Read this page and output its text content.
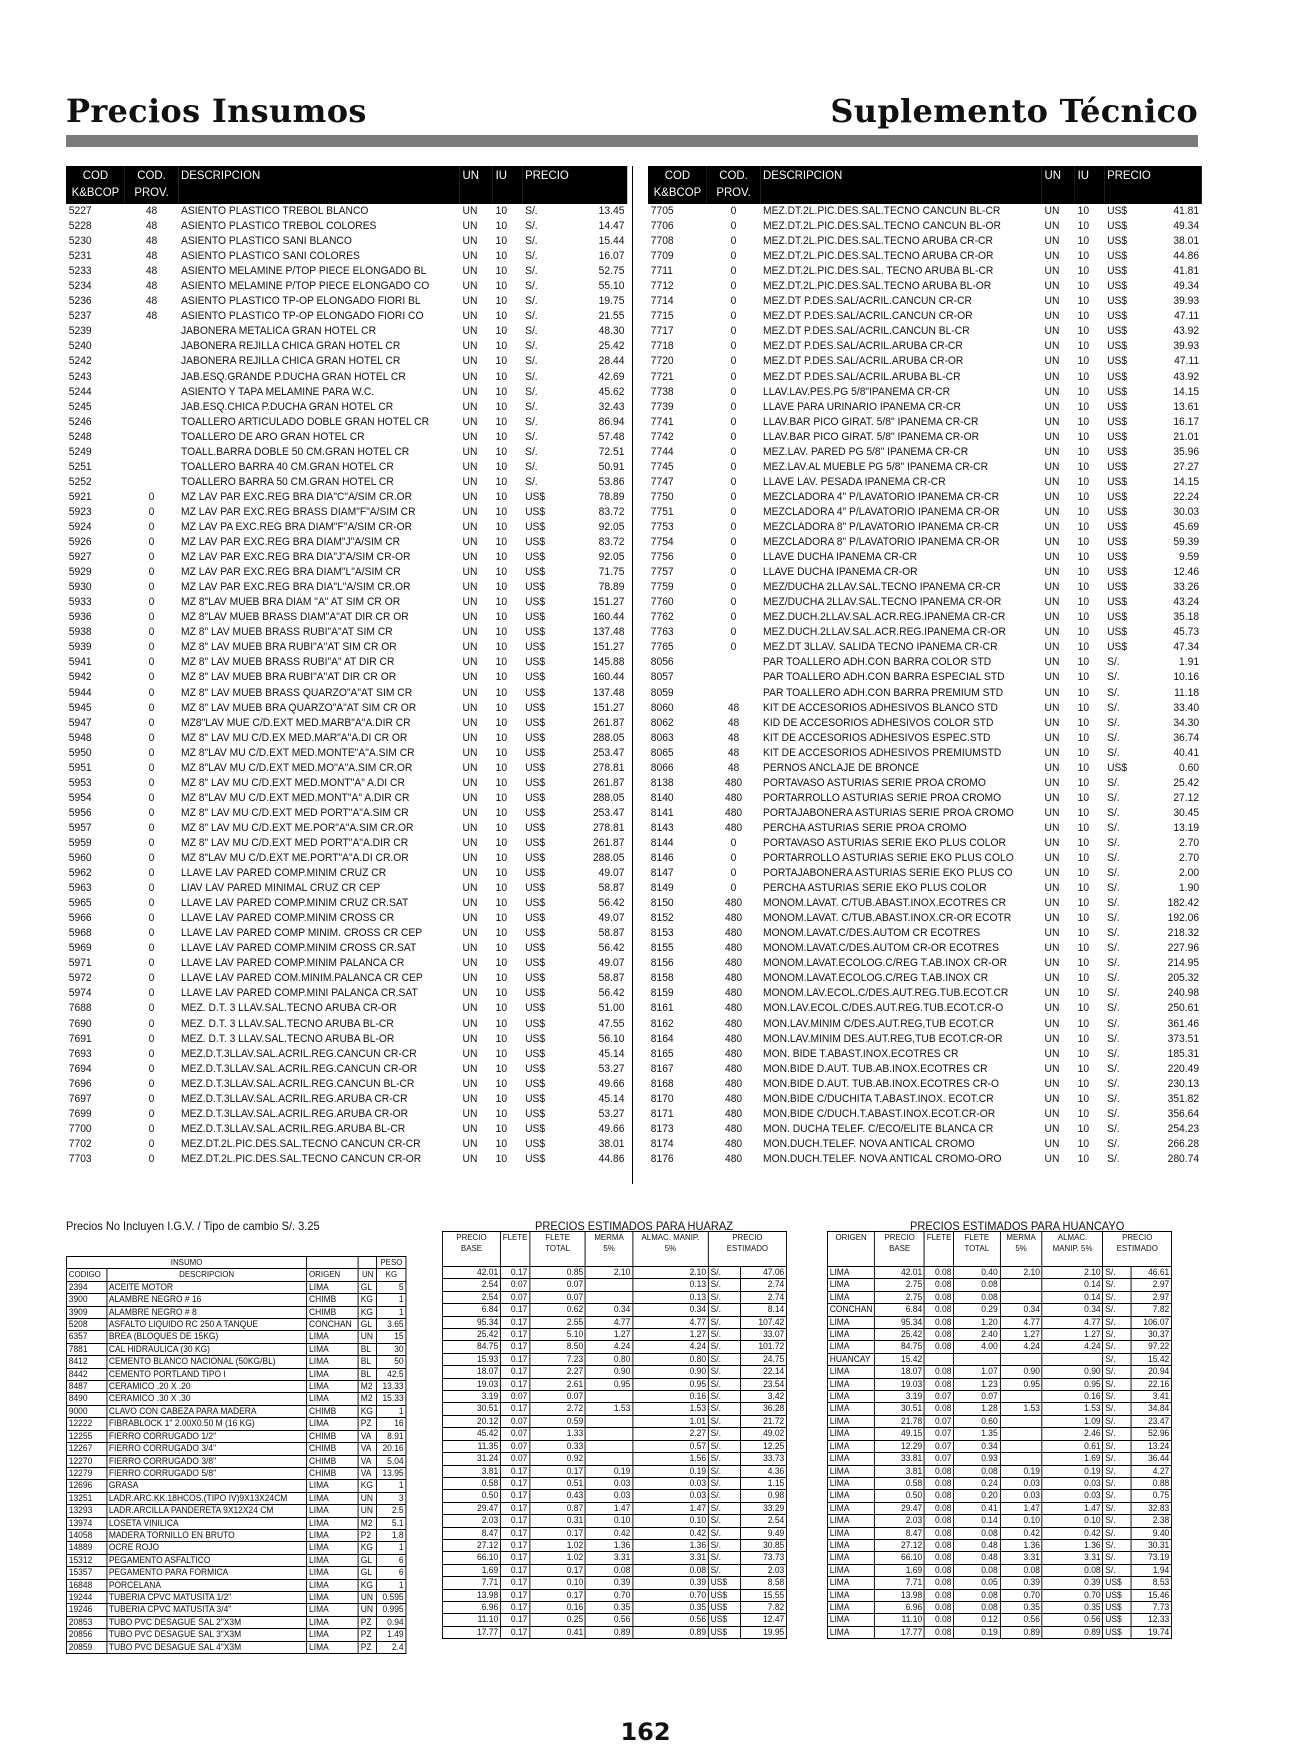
Precios Insumos	Suplemento Técnico
COD K&BCOP	COD. PROV.	DESCRIPCION	UN	IU	PRECIO	
5227	48	ASIENTO PLASTICO TREBOL BLANCO	UN	10	S/.	13.45
5228	48	ASIENTO PLASTICO TREBOL COLORES	UN	10	S/.	14.47
5230	48	ASIENTO PLASTICO SANI BLANCO	UN	10	S/.	15.44
5231	48	ASIENTO PLASTICO SANI COLORES	UN	10	S/.	16.07
5233	48	ASIENTO MELAMINE P/TOP PIECE ELONGADO BL	UN	10	S/.	52.75
5234	48	ASIENTO MELAMINE P/TOP PIECE ELONGADO CO	UN	10	S/.	55.10
5236	48	ASIENTO PLASTICO TP-OP ELONGADO FIORI BL	UN	10	S/.	19.75
5237	48	ASIENTO PLASTICO TP-OP ELONGADO FIORI CO	UN	10	S/.	21.55
5239		JABONERA METALICA GRAN HOTEL CR	UN	10	S/.	48.30
5240		JABONERA REJILLA CHICA GRAN HOTEL CR	UN	10	S/.	25.42
5242		JABONERA REJILLA CHICA GRAN HOTEL CR	UN	10	S/.	28.44
5243		JAB.ESQ.GRANDE P.DUCHA GRAN HOTEL CR	UN	10	S/.	42.69
5244		ASIENTO Y TAPA MELAMINE PARA W.C.	UN	10	S/.	45.62
5245		JAB.ESQ.CHICA P.DUCHA GRAN HOTEL CR	UN	10	S/.	32.43
5246		TOALLERO ARTICULADO DOBLE GRAN HOTEL CR	UN	10	S/.	86.94
5248		TOALLERO DE ARO GRAN HOTEL CR	UN	10	S/.	57.48
5249		TOALL.BARRA DOBLE 50 CM.GRAN HOTEL CR	UN	10	S/.	72.51
5251		TOALLERO BARRA 40 CM.GRAN HOTEL CR	UN	10	S/.	50.91
5252		TOALLERO BARRA 50 CM.GRAN HOTEL CR	UN	10	S/.	53.86
5921	0	MZ LAV PAR EXC.REG BRA DIA"C"A/SIM CR.OR	UN	10	US$	78.89
5923	0	MZ LAV PAR EXC.REG BRASS DIAM"F"A/SIM CR	UN	10	US$	83.72
5924	0	MZ LAV PA EXC.REG BRA DIAM"F"A/SIM CR-OR	UN	10	US$	92.05
5926	0	MZ LAV PAR EXC.REG BRA DIAM"J"A/SIM CR	UN	10	US$	83.72
5927	0	MZ LAV PAR EXC.REG BRA DIA"J"A/SIM CR-OR	UN	10	US$	92.05
5929	0	MZ LAV PAR EXC.REG BRA DIAM"L"A/SIM CR	UN	10	US$	71.75
5930	0	MZ LAV PAR EXC.REG BRA DIA"L"A/SIM CR.OR	UN	10	US$	78.89
5933	0	MZ 8"LAV MUEB BRA DIAM "A" AT SIM CR OR	UN	10	US$	151.27
5936	0	MZ 8"LAV MUEB BRASS DIAM"A"AT DIR CR OR	UN	10	US$	160.44
5938	0	MZ 8" LAV MUEB BRASS RUBI"A"AT SIM CR	UN	10	US$	137.48
5939	0	MZ 8" LAV MUEB BRA RUBI"A"AT SIM CR OR	UN	10	US$	151.27
5941	0	MZ 8" LAV MUEB BRASS RUBI"A" AT DIR CR	UN	10	US$	145.88
5942	0	MZ 8" LAV MUEB BRA RUBI"A"AT DIR CR OR	UN	10	US$	160.44
5944	0	MZ 8" LAV MUEB BRASS QUARZO"A"AT SIM CR	UN	10	US$	137.48
5945	0	MZ 8" LAV MUEB BRA QUARZO"A"AT SIM CR OR	UN	10	US$	151.27
5947	0	MZ8"LAV MUE C/D.EXT MED.MARB"A"A.DIR CR	UN	10	US$	261.87
5948	0	MZ 8" LAV MU C/D.EX MED.MAR"A"A.DI CR OR	UN	10	US$	288.05
5950	0	MZ 8"LAV MU C/D.EXT MED.MONTE"A"A.SIM CR	UN	10	US$	253.47
5951	0	MZ 8"LAV MU C/D.EXT MED.MO"A"A.SIM CR.OR	UN	10	US$	278.81
5953	0	MZ 8" LAV MU C/D.EXT MED.MONT"A" A.DI CR	UN	10	US$	261.87
5954	0	MZ 8"LAV MU C/D.EXT MED.MONT"A" A.DIR CR	UN	10	US$	288.05
5956	0	MZ 8" LAV MU C/D.EXT MED PORT"A"A.SIM CR	UN	10	US$	253.47
5957	0	MZ 8" LAV MU C/D.EXT ME.POR"A"A.SIM CR.OR	UN	10	US$	278.81
5959	0	MZ 8" LAV MU C/D.EXT MED PORT"A"A.DIR CR	UN	10	US$	261.87
5960	0	MZ 8"LAV MU C/D.EXT ME.PORT"A"A.DI CR.OR	UN	10	US$	288.05
5962	0	LLAVE LAV PARED COMP.MINIM CRUZ CR	UN	10	US$	49.07
5963	0	LIAV LAV PARED MINIMAL CRUZ CR CEP	UN	10	US$	58.87
5965	0	LLAVE LAV PARED COMP.MINIM CRUZ CR.SAT	UN	10	US$	56.42
5966	0	LLAVE LAV PARED COMP.MINIM CROSS CR	UN	10	US$	49.07
5968	0	LLAVE LAV PARED COMP MINIM. CROSS CR CEP	UN	10	US$	58.87
5969	0	LLAVE LAV PARED COMP.MINIM CROSS CR.SAT	UN	10	US$	56.42
5971	0	LLAVE LAV PARED COMP.MINIM PALANCA CR	UN	10	US$	49.07
5972	0	LLAVE LAV PARED COM.MINIM.PALANCA CR CEP	UN	10	US$	58.87
5974	0	LLAVE LAV PARED COMP.MINI PALANCA CR.SAT	UN	10	US$	56.42
7688	0	MEZ. D.T. 3 LLAV.SAL.TECNO ARUBA CR-OR	UN	10	US$	51.00
7690	0	MEZ. D.T. 3 LLAV.SAL.TECNO ARUBA BL-CR	UN	10	US$	47.55
7691	0	MEZ. D.T. 3 LLAV.SAL.TECNO ARUBA BL-OR	UN	10	US$	56.10
7693	0	MEZ.D.T.3LLAV.SAL.ACRIL.REG.CANCUN CR-CR	UN	10	US$	45.14
7694	0	MEZ.D.T.3LLAV.SAL.ACRIL.REG.CANCUN CR-OR	UN	10	US$	53.27
7696	0	MEZ.D.T.3LLAV.SAL.ACRIL.REG.CANCUN BL-CR	UN	10	US$	49.66
7697	0	MEZ.D.T.3LLAV.SAL.ACRIL.REG.ARUBA CR-CR	UN	10	US$	45.14
7699	0	MEZ.D.T.3LLAV.SAL.ACRIL.REG.ARUBA CR-OR	UN	10	US$	53.27
7700	0	MEZ.D.T.3LLAV.SAL.ACRIL.REG.ARUBA BL-CR	UN	10	US$	49.66
7702	0	MEZ.DT.2L.PIC.DES.SAL.TECNO CANCUN CR-CR	UN	10	US$	38.01
7703	0	MEZ.DT.2L.PIC.DES.SAL.TECNO CANCUN CR-OR	UN	10	US$	44.86
COD K&BCOP	COD. PROV.	DESCRIPCION	UN	IU	PRECIO	
7705	0	MEZ.DT.2L.PIC.DES.SAL.TECNO CANCUN BL-CR	UN	10	US$	41.81
7706	0	MEZ.DT.2L.PIC.DES.SAL.TECNO CANCUN BL-OR	UN	10	US$	49.34
7708	0	MEZ.DT.2L.PIC.DES.SAL.TECNO ARUBA CR-CR	UN	10	US$	38.01
7709	0	MEZ.DT.2L.PIC.DES.SAL.TECNO ARUBA CR-OR	UN	10	US$	44.86
7711	0	MEZ.DT.2L.PIC.DES.SAL. TECNO ARUBA BL-CR	UN	10	US$	41.81
7712	0	MEZ.DT.2L.PIC.DES.SAL.TECNO ARUBA BL-OR	UN	10	US$	49.34
7714	0	MEZ.DT P.DES.SAL/ACRIL.CANCUN CR-CR	UN	10	US$	39.93
7715	0	MEZ.DT P.DES.SAL/ACRIL.CANCUN CR-OR	UN	10	US$	47.11
7717	0	MEZ.DT P.DES.SAL/ACRIL.CANCUN BL-CR	UN	10	US$	43.92
7718	0	MEZ.DT P.DES.SAL/ACRIL.ARUBA CR-CR	UN	10	US$	39.93
7720	0	MEZ.DT P.DES.SAL/ACRIL.ARUBA CR-OR	UN	10	US$	47.11
7721	0	MEZ.DT P.DES.SAL/ACRIL.ARUBA BL-CR	UN	10	US$	43.92
7738	0	LLAV.LAV.PES.PG 5/8"IPANEMA CR-CR	UN	10	US$	14.15
7739	0	LLAVE PARA URINARIO IPANEMA CR-CR	UN	10	US$	13.61
7741	0	LLAV.BAR PICO GIRAT. 5/8" IPANEMA CR-CR	UN	10	US$	16.17
7742	0	LLAV.BAR PICO GIRAT. 5/8" IPANEMA CR-OR	UN	10	US$	21.01
7744	0	MEZ.LAV. PARED PG 5/8" IPANEMA CR-CR	UN	10	US$	35.96
7745	0	MEZ.LAV.AL MUEBLE PG 5/8" IPANEMA CR-CR	UN	10	US$	27.27
7747	0	LLAVE LAV. PESADA IPANEMA CR-CR	UN	10	US$	14.15
7750	0	MEZCLADORA 4" P/LAVATORIO IPANEMA CR-CR	UN	10	US$	22.24
7751	0	MEZCLADORA 4" P/LAVATORIO IPANEMA CR-OR	UN	10	US$	30.03
7753	0	MEZCLADORA 8" P/LAVATORIO IPANEMA CR-CR	UN	10	US$	45.69
7754	0	MEZCLADORA 8" P/LAVATORIO IPANEMA CR-OR	UN	10	US$	59.39
7756	0	LLAVE DUCHA IPANEMA CR-CR	UN	10	US$	9.59
7757	0	LLAVE DUCHA IPANEMA CR-OR	UN	10	US$	12.46
7759	0	MEZ/DUCHA 2LLAV.SAL.TECNO IPANEMA CR-CR	UN	10	US$	33.26
7760	0	MEZ/DUCHA 2LLAV.SAL.TECNO IPANEMA CR-OR	UN	10	US$	43.24
7762	0	MEZ.DUCH.2LLAV.SAL.ACR.REG.IPANEMA CR-CR	UN	10	US$	35.18
7763	0	MEZ.DUCH.2LLAV.SAL.ACR.REG.IPANEMA CR-OR	UN	10	US$	45.73
7765	0	MEZ.DT 3LLAV. SALIDA TECNO IPANEMA CR-CR	UN	10	US$	47.34
8056		PAR TOALLERO ADH.CON BARRA COLOR STD	UN	10	S/.	1.91
8057		PAR TOALLERO ADH.CON BARRA ESPECIAL STD	UN	10	S/.	10.16
8059		PAR TOALLERO ADH.CON BARRA PREMIUM STD	UN	10	S/.	11.18
8060	48	KIT DE ACCESORIOS ADHESIVOS BLANCO STD	UN	10	S/.	33.40
8062	48	KID DE ACCESORIOS ADHESIVOS COLOR STD	UN	10	S/.	34.30
8063	48	KIT DE ACCESORIOS ADHESIVOS ESPEC.STD	UN	10	S/.	36.74
8065	48	KIT DE ACCESORIOS ADHESIVOS PREMIUMSTD	UN	10	S/.	40.41
8066	48	PERNOS ANCLAJE DE BRONCE	UN	10	US$	0.60
8138	480	PORTAVASO ASTURIAS SERIE PROA CROMO	UN	10	S/.	25.42
8140	480	PORTARROLLO ASTURIAS SERIE PROA CROMO	UN	10	S/.	27.12
8141	480	PORTAJABONERA ASTURIAS SERIE PROA CROMO	UN	10	S/.	30.45
8143	480	PERCHA ASTURIAS SERIE PROA CROMO	UN	10	S/.	13.19
8144	0	PORTAVASO ASTURIAS SERIE EKO PLUS COLOR	UN	10	S/.	2.70
8146	0	PORTARROLLO ASTURIAS SERIE EKO PLUS COLO	UN	10	S/.	2.70
8147	0	PORTAJABONERA ASTURIAS SERIE EKO PLUS CO	UN	10	S/.	2.00
8149	0	PERCHA ASTURIAS SERIE EKO PLUS COLOR	UN	10	S/.	1.90
8150	480	MONOM.LAVAT. C/TUB.ABAST.INOX.ECOTRES CR	UN	10	S/.	182.42
8152	480	MONOM.LAVAT. C/TUB.ABAST.INOX.CR-OR ECOTR	UN	10	S/.	192.06
8153	480	MONOM.LAVAT.C/DES.AUTOM CR ECOTRES	UN	10	S/.	218.32
8155	480	MONOM.LAVAT.C/DES.AUTOM CR-OR ECOTRES	UN	10	S/.	227.96
8156	480	MONOM.LAVAT.ECOLOG.C/REG T.AB.INOX CR-OR	UN	10	S/.	214.95
8158	480	MONOM.LAVAT.ECOLOG.C/REG T.AB.INOX CR	UN	10	S/.	205.32
8159	480	MONOM.LAV.ECOL.C/DES.AUT.REG.TUB.ECOT.CR	UN	10	S/.	240.98
8161	480	MON.LAV.ECOL.C/DES.AUT.REG.TUB.ECOT.CR-O	UN	10	S/.	250.61
8162	480	MON.LAV.MINIM C/DES.AUT.REG,TUB ECOT.CR	UN	10	S/.	361.46
8164	480	MON.LAV.MINIM DES.AUT.REG,TUB ECOT.CR-OR	UN	10	S/.	373.51
8165	480	MON. BIDE T.ABAST.INOX.ECOTRES CR	UN	10	S/.	185.31
8167	480	MON.BIDE D.AUT. TUB.AB.INOX.ECOTRES CR	UN	10	S/.	220.49
8168	480	MON.BIDE D.AUT. TUB.AB.INOX.ECOTRES CR-O	UN	10	S/.	230.13
8170	480	MON.BIDE C/DUCHITA T.ABAST.INOX. ECOT.CR	UN	10	S/.	351.82
8171	480	MON.BIDE C/DUCH.T.ABAST.INOX.ECOT.CR-OR	UN	10	S/.	356.64
8173	480	MON. DUCHA TELEF. C/ECO/ELITE BLANCA CR	UN	10	S/.	254.23
8174	480	MON.DUCH.TELEF. NOVA ANTICAL CROMO	UN	10	S/.	266.28
8176	480	MON.DUCH.TELEF. NOVA ANTICAL CROMO-ORO	UN	10	S/.	280.74
Precios No Incluyen I.G.V. / Tipo de cambio S/. 3.25	PRECIOS ESTIMADOS PARA HUARAZ	PRECIOS ESTIMADOS PARA HUANCAYO
INSUMO				PESO
CODIGO	DESCRIPCION	ORIGEN	UN	KG
2394	ACEITE MOTOR	LIMA	GL	5
3900	ALAMBRE NEGRO # 16	CHIMB	KG	1
3909	ALAMBRE NEGRO # 8	CHIMB	KG	1
5208	ASFALTO LIQUIDO RC 250 A TANQUE	CONCHAN	GL	3.65
6357	BREA (BLOQUES DE 15KG)	LIMA	UN	15
7881	CAL HIDRAULICA (30 KG)	LIMA	BL	30
8412	CEMENTO BLANCO NACIONAL (50KG/BL)	LIMA	BL	50
8442	CEMENTO PORTLAND TIPO I	LIMA	BL	42.5
8487	CERAMICO .20 X .20	LIMA	M2	13.33
8490	CERAMICO .30 X .30	LIMA	M2	15.33
9000	CLAVO CON CABEZA PARA MADERA	CHIMB	KG	1
12222	FIBRABLOCK 1" 2.00X0.50 M (16 KG)	LIMA	PZ	16
12255	FIERRO CORRUGADO 1/2"	CHIMB	VA	8.91
12267	FIERRO CORRUGADO 3/4"	CHIMB	VA	20.16
12270	FIERRO CORRUGADO 3/8"	CHIMB	VA	5.04
12279	FIERRO CORRUGADO 5/8"	CHIMB	VA	13.95
12696	GRASA	LIMA	KG	1
13251	LADR.ARC.KK.18HCOS.(TIPO IV)9X13X24CM	LIMA	UN	3
13293	LADR.ARCILLA PANDERETA 9X12X24 CM	LIMA	UN	2.5
13974	LOSETA VINILICA	LIMA	M2	5.1
14058	MADERA TORNILLO EN BRUTO	LIMA	P2	1.8
14889	OCRE ROJO	LIMA	KG	1
15312	PEGAMENTO ASFALTICO	LIMA	GL	6
15357	PEGAMENTO PARA FORMICA	LIMA	GL	6
16848	PORCELANA	LIMA	KG	1
19244	TUBERIA CPVC MATUSITA 1/2"	LIMA	UN	0.595
19246	TUBERIA CPVC MATUSITA 3/4"	LIMA	UN	0.995
20853	TUBO PVC DESAGUE SAL 2"X3M	LIMA	PZ	0.94
20856	TUBO PVC DESAGUE SAL 3"X3M	LIMA	PZ	1.49
20859	TUBO PVC DESAGUE SAL 4"X3M	LIMA	PZ	2.4
PRECIO BASE	FLETE	FLETE TOTAL	MERMA 5%	ALMAC. MANIP. 5%	PRECIO ESTIMADO	
42.01	0.17	0.85	2.10	2.10	S/.	47.06
2.54	0.07	0.07		0.13	S/.	2.74
2.54	0.07	0.07		0.13	S/.	2.74
6.84	0.17	0.62	0.34	0.34	S/.	8.14
95.34	0.17	2.55	4.77	4.77	S/.	107.42
25.42	0.17	5.10	1.27	1.27	S/.	33.07
84.75	0.17	8.50	4.24	4.24	S/.	101.72
15.93	0.17	7.23	0.80	0.80	S/.	24.75
18.07	0.17	2.27	0.90	0.90	S/.	22.14
19.03	0.17	2.61	0.95	0.95	S/.	23.54
3.19	0.07	0.07		0.16	S/.	3.42
30.51	0.17	2.72	1.53	1.53	S/.	36.28
20.12	0.07	0.59		1.01	S/.	21.72
45.42	0.07	1.33		2.27	S/.	49.02
11.35	0.07	0.33		0.57	S/.	12.25
31.24	0.07	0.92		1.56	S/.	33.73
3.81	0.17	0.17	0.19	0.19	S/.	4.36
0.58	0.17	0.51	0.03	0.03	S/.	1.15
0.50	0.17	0.43	0.03	0.03	S/.	0.98
29.47	0.17	0.87	1.47	1.47	S/.	33.29
2.03	0.17	0.31	0.10	0.10	S/.	2.54
8.47	0.17	0.17	0.42	0.42	S/.	9.49
27.12	0.17	1.02	1.36	1.36	S/.	30.85
66.10	0.17	1.02	3.31	3.31	S/.	73.73
1.69	0.17	0.17	0.08	0.08	S/.	2.03
7.71	0.17	0.10	0.39	0.39	US$	8.58
13.98	0.17	0.17	0.70	0.70	US$	15.55
6.96	0.17	0.16	0.35	0.35	US$	7.82
11.10	0.17	0.25	0.56	0.56	US$	12.47
17.77	0.17	0.41	0.89	0.89	US$	19.95
ORIGEN	PRECIO BASE	FLETE	FLETE TOTAL	MERMA 5%	ALMAC. MANIP. 5%	PRECIO ESTIMADO	
LIMA	42.01	0.08	0.40	2.10	2.10	S/.	46.61
LIMA	2.75	0.08	0.08		0.14	S/.	2.97
LIMA	2.75	0.08	0.08		0.14	S/.	2.97
CONCHAN	6.84	0.08	0.29	0.34	0.34	S/.	7.82
LIMA	95.34	0.08	1.20	4.77	4.77	S/.	106.07
LIMA	25.42	0.08	2.40	1.27	1.27	S/.	30.37
LIMA	84.75	0.08	4.00	4.24	4.24	S/.	97.22
HUANCAY	15.42					S/.	15.42
LIMA	18.07	0.08	1.07	0.90	0.90	S/.	20.94
LIMA	19.03	0.08	1.23	0.95	0.95	S/.	22.16
LIMA	3.19	0.07	0.07		0.16	S/.	3.41
LIMA	30.51	0.08	1.28	1.53	1.53	S/.	34.84
LIMA	21.78	0.07	0.60		1.09	S/.	23.47
LIMA	49.15	0.07	1.35		2.46	S/.	52.96
LIMA	12.29	0.07	0.34		0.61	S/.	13.24
LIMA	33.81	0.07	0.93		1.69	S/.	36.44
LIMA	3.81	0.08	0.08	0.19	0.19	S/.	4.27
LIMA	0.58	0.08	0.24	0.03	0.03	S/.	0.88
LIMA	0.50	0.08	0.20	0.03	0.03	S/.	0.75
LIMA	29.47	0.08	0.41	1.47	1.47	S/.	32.83
LIMA	2.03	0.08	0.14	0.10	0.10	S/.	2.38
LIMA	8.47	0.08	0.08	0.42	0.42	S/.	9.40
LIMA	27.12	0.08	0.48	1.36	1.36	S/.	30.31
LIMA	66.10	0.08	0.48	3.31	3.31	S/.	73.19
LIMA	1.69	0.08	0.08	0.08	0.08	S/.	1.94
LIMA	7.71	0.08	0.05	0.39	0.39	US$	8.53
LIMA	13.98	0.08	0.08	0.70	0.70	US$	15.46
LIMA	6.96	0.08	0.08	0.35	0.35	US$	7.73
LIMA	11.10	0.08	0.12	0.56	0.56	US$	12.33
LIMA	17.77	0.08	0.19	0.89	0.89	US$	19.74
162
